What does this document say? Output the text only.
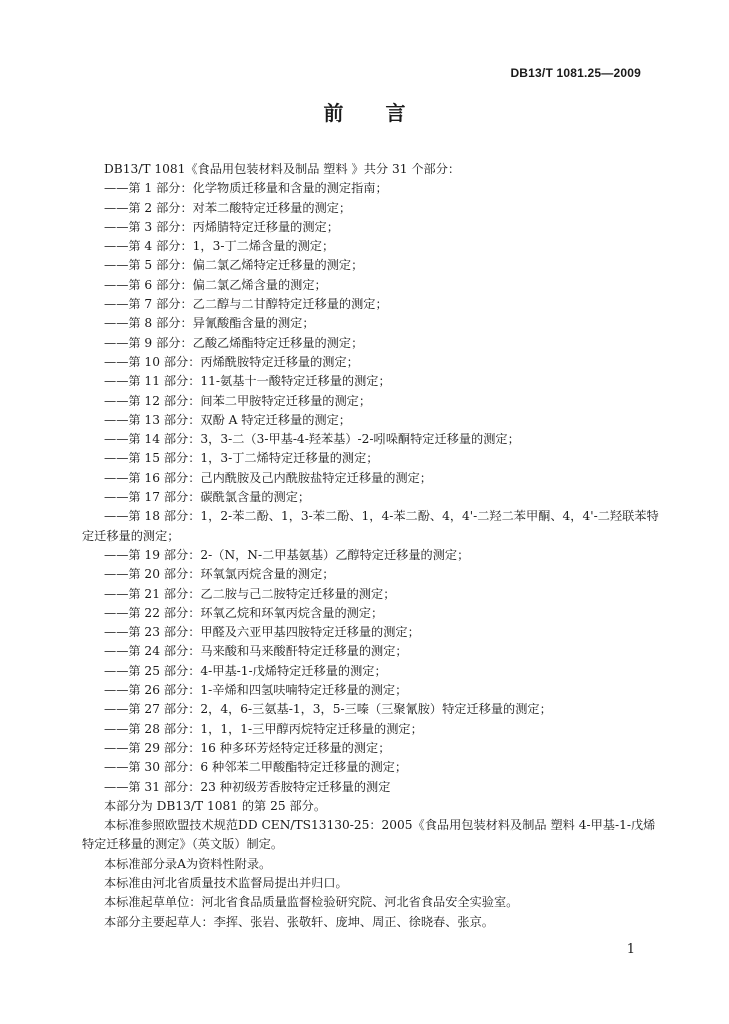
DB13/T 1081.25—2009
前言
DB13/T 1081《食品用包装材料及制品 塑料 》共分 31 个部分：
——第 1 部分：化学物质迁移量和含量的测定指南；
——第 2 部分：对苯二酸特定迁移量的测定；
——第 3 部分：丙烯腈特定迁移量的测定；
——第 4 部分：1，3-丁二烯含量的测定；
——第 5 部分：偏二氯乙烯特定迁移量的测定；
——第 6 部分：偏二氯乙烯含量的测定；
——第 7 部分：乙二醇与二甘醇特定迁移量的测定；
——第 8 部分：异氰酸酯含量的测定；
——第 9 部分：乙酸乙烯酯特定迁移量的测定；
——第 10 部分：丙烯酰胺特定迁移量的测定；
——第 11 部分：11-氨基十一酸特定迁移量的测定；
——第 12 部分：间苯二甲胺特定迁移量的测定；
——第 13 部分：双酚 A 特定迁移量的测定；
——第 14 部分：3，3-二（3-甲基-4-羟苯基）-2-吲哚酮特定迁移量的测定；
——第 15 部分：1，3-丁二烯特定迁移量的测定；
——第 16 部分：己内酰胺及己内酰胺盐特定迁移量的测定；
——第 17 部分：碳酰氯含量的测定；
——第 18 部分：1，2-苯二酚、1，3-苯二酚、1，4-苯二酚、4，4'-二羟二苯甲酮、4，4'-二羟联苯特定迁移量的测定；
——第 19 部分：2-（N，N-二甲基氨基）乙醇特定迁移量的测定；
——第 20 部分：环氧氯丙烷含量的测定；
——第 21 部分：乙二胺与己二胺特定迁移量的测定；
——第 22 部分：环氧乙烷和环氧丙烷含量的测定；
——第 23 部分：甲醛及六亚甲基四胺特定迁移量的测定；
——第 24 部分：马来酸和马来酸酐特定迁移量的测定；
——第 25 部分：4-甲基-1-戊烯特定迁移量的测定；
——第 26 部分：1-辛烯和四氢呋喃特定迁移量的测定；
——第 27 部分：2，4，6-三氨基-1，3，5-三嗪（三聚氰胺）特定迁移量的测定；
——第 28 部分：1，1，1-三甲醇丙烷特定迁移量的测定；
——第 29 部分：16 种多环芳烃特定迁移量的测定；
——第 30 部分：6 种邻苯二甲酸酯特定迁移量的测定；
——第 31 部分：23 种初级芳香胺特定迁移量的测定
本部分为 DB13/T 1081 的第 25 部分。
本标准参照欧盟技术规范DD CEN/TS13130-25：2005《食品用包装材料及制品 塑料 4-甲基-1-戊烯特定迁移量的测定》（英文版）制定。
本标准部分录A为资料性附录。
本标准由河北省质量技术监督局提出并归口。
本标准起草单位：河北省食品质量监督检验研究院、河北省食品安全实验室。
本部分主要起草人：李挥、张岩、张敬轩、庞坤、周正、徐晓春、张京。
1
